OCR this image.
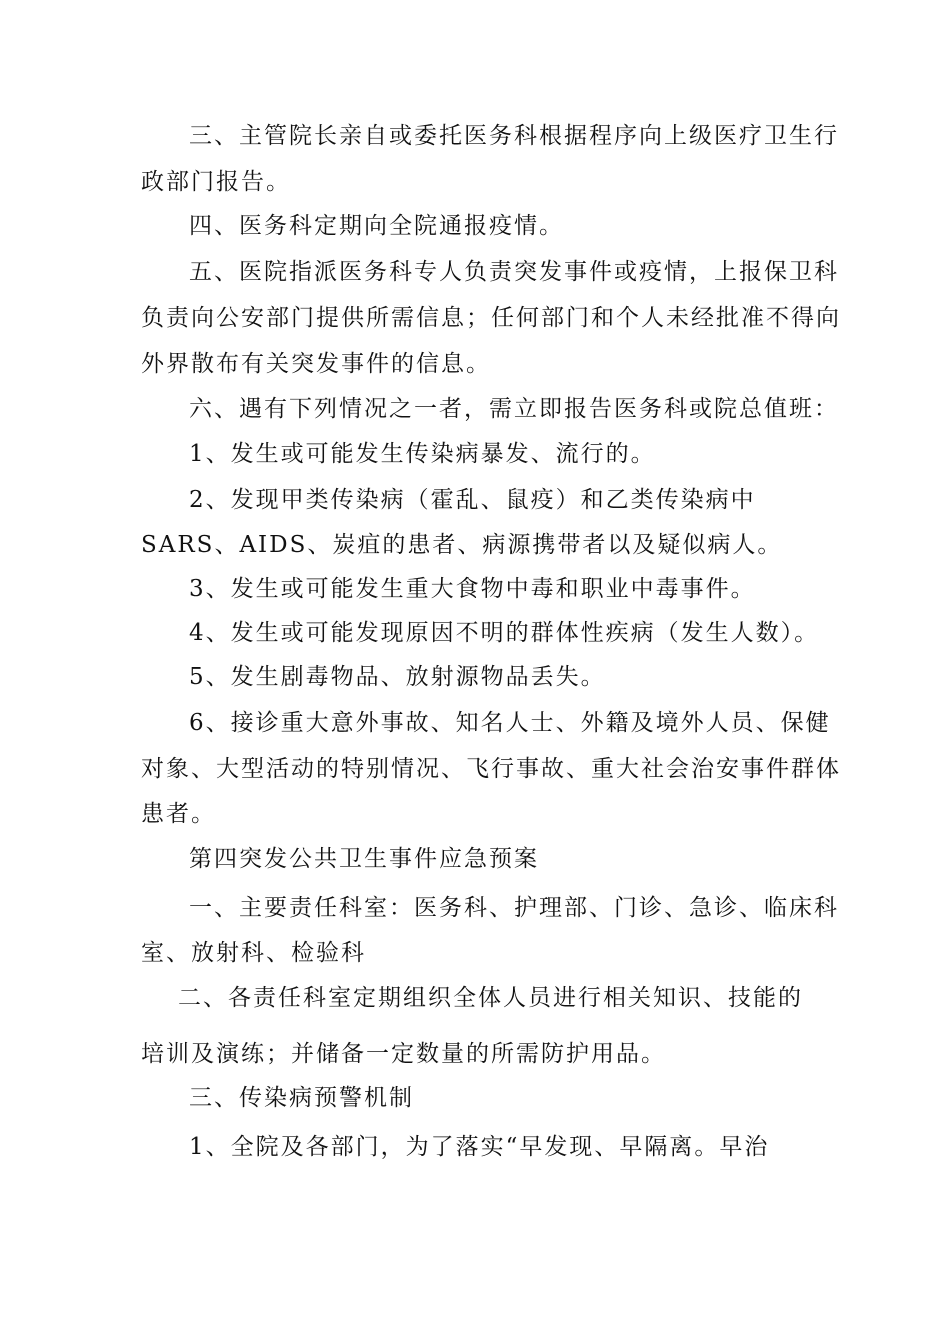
三、主管院长亲自或委托医务科根据程序向上级医疗卫生行
政部门报告。
四、医务科定期向全院通报疫情。
五、医院指派医务科专人负责突发事件或疫情，上报保卫科
负责向公安部门提供所需信息；任何部门和个人未经批准不得向
外界散布有关突发事件的信息。
六、遇有下列情况之一者，需立即报告医务科或院总值班：
1、发生或可能发生传染病暴发、流行的。
2、发现甲类传染病（霍乱、鼠疫）和乙类传染病中
SARS、AIDS、炭疽的患者、病源携带者以及疑似病人。
3、发生或可能发生重大食物中毒和职业中毒事件。
4、发生或可能发现原因不明的群体性疾病（发生人数）。
5、发生剧毒物品、放射源物品丢失。
6、接诊重大意外事故、知名人士、外籍及境外人员、保健
对象、大型活动的特别情况、飞行事故、重大社会治安事件群体
患者。
第四突发公共卫生事件应急预案
一、主要责任科室：医务科、护理部、门诊、急诊、临床科
室、放射科、检验科
二、各责任科室定期组织全体人员进行相关知识、技能的
培训及演练；并储备一定数量的所需防护用品。
三、传染病预警机制
1、全院及各部门，为了落实“早发现、早隔离。早治
